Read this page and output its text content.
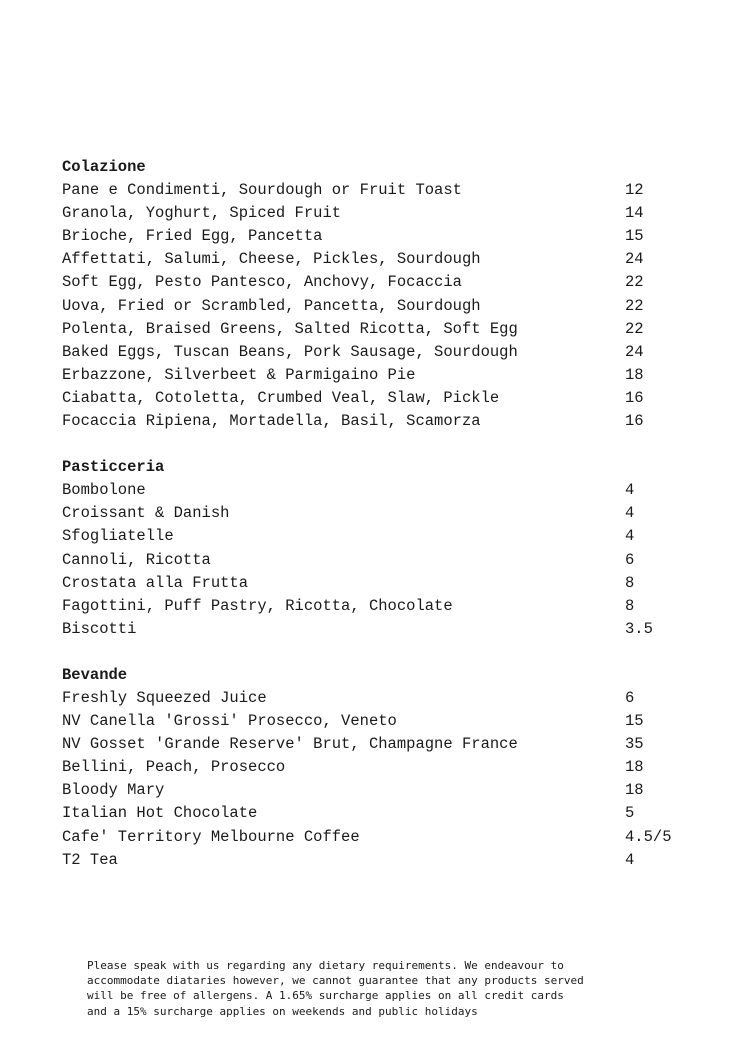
Colazione
Pane e Condimenti, Sourdough or Fruit Toast	12
Granola, Yoghurt, Spiced Fruit	14
Brioche, Fried Egg, Pancetta	15
Affettati, Salumi, Cheese, Pickles, Sourdough	24
Soft Egg, Pesto Pantesco, Anchovy, Focaccia	22
Uova, Fried or Scrambled, Pancetta, Sourdough	22
Polenta, Braised Greens, Salted Ricotta, Soft Egg	22
Baked Eggs, Tuscan Beans, Pork Sausage, Sourdough	24
Erbazzone, Silverbeet & Parmigaino Pie	18
Ciabatta, Cotoletta, Crumbed Veal, Slaw, Pickle	16
Focaccia Ripiena, Mortadella, Basil, Scamorza	16
Pasticceria
Bombolone	4
Croissant & Danish	4
Sfogliatelle	4
Cannoli, Ricotta	6
Crostata alla Frutta	8
Fagottini, Puff Pastry, Ricotta, Chocolate	8
Biscotti	3.5
Bevande
Freshly Squeezed Juice	6
NV Canella 'Grossi' Prosecco, Veneto	15
NV Gosset 'Grande Reserve' Brut, Champagne France	35
Bellini, Peach, Prosecco	18
Bloody Mary	18
Italian Hot Chocolate	5
Cafe' Territory Melbourne Coffee	4.5/5
T2 Tea	4
Please speak with us regarding any dietary requirements. We endeavour to
accommodate diataries however, we cannot guarantee that any products served
will be free of allergens. A 1.65% surcharge applies on all credit cards
and a 15% surcharge applies on weekends and public holidays
